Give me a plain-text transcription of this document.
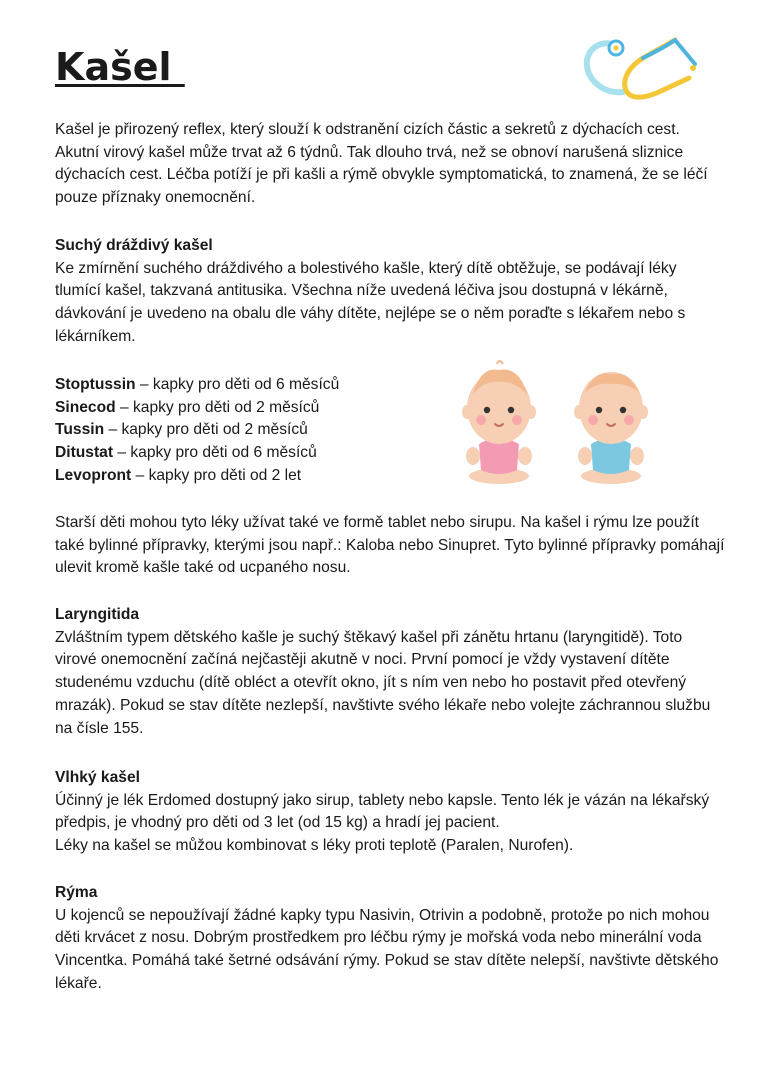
Kašel

Kašel je přirozený reflex, který slouží k odstranění cizích částic a sekretů z dýchacích cest. Akutní virový kašel může trvat až 6 týdnů. Tak dlouho trvá, než se obnoví narušená sliznice dýchacích cest. Léčba potíží je při kašli a rýmě obvykle symptomatická, to znamená, že se léčí pouze příznaky onemocnění.

Suchý dráždivý kašel

Ke zmírnění suchého dráždivého a bolestivého kašle, který dítě obtěžuje, se podávají léky tlumící kašel, takzvaná antitusika. Všechna níže uvedená léčiva jsou dostupná v lékárně, dávkování je uvedeno na obalu dle váhy dítěte, nejlépe se o něm poraďte s lékařem nebo s lékárníkem.

Stoptussin – kapky pro děti od 6 měsíců
Sinecod – kapky pro děti od 2 měsíců
Tussin – kapky pro děti od 2 měsíců
Ditustat – kapky pro děti od 6 měsíců
Levopront – kapky pro děti od 2 let

Starší děti mohou tyto léky užívat také ve formě tablet nebo sirupu. Na kašel i rýmu lze použít také bylinné přípravky, kterými jsou např.: Kaloba nebo Sinupret. Tyto bylinné přípravky pomáhají ulevit kromě kašle také od ucpaného nosu.

Laryngitida

Zvláštním typem dětského kašle je suchý štěkavý kašel při zánětu hrtanu (laryngitidě). Toto virové onemocnění začíná nejčastěji akutně v noci. První pomocí je vždy vystavení dítěte studenému vzduchu (dítě obléct a otevřít okno, jít s ním ven nebo ho postavit před otevřený mrazák). Pokud se stav dítěte nezlepší, navštivte svého lékaře nebo volejte záchrannou službu na čísle 155.

Vlhký kašel

Účinný je lék Erdomed dostupný jako sirup, tablety nebo kapsle. Tento lék je vázán na lékařský předpis, je vhodný pro děti od 3 let (od 15 kg) a hradí jej pacient.

Léky na kašel se můžou kombinovat s léky proti teplotě (Paralen, Nurofen).

Rýma

U kojenců se nepoužívají žádné kapky typu Nasivin, Otrivin a podobně, protože po nich mohou děti krvácet z nosu. Dobrým prostředkem pro léčbu rýmy je mořská voda nebo minerální voda Vincentka. Pomáhá také šetrné odsávání rýmy. Pokud se stav dítěte nelepší, navštivte dětského lékaře.
